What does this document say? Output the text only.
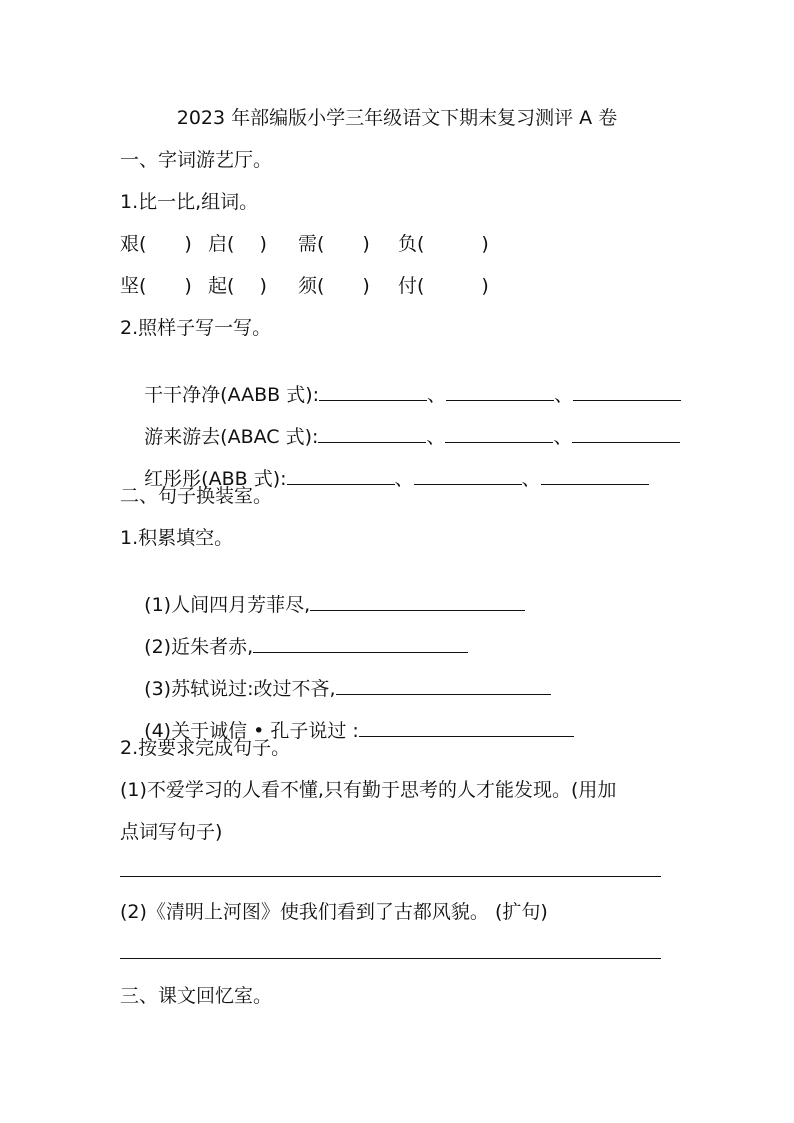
2023 年部编版小学三年级语文下期末复习测评 A 卷
一、字词游艺厅。
1.比一比,组词。
艰(　　) 启(　 ) 需(　　) 负(　　　)
坚(　　) 起(　 ) 须(　　) 付(　　　)
2.照样子写一写。

干干净净(AABB 式):	、	、

游来游去(ABAC 式):	、	、

红彤彤(ABB 式):	、	、

二、句子换装室。
1.积累填空。

(1)人间四月芳菲尽,

(2)近朱者赤,

(3)苏轼说过:改过不吝,

(4)关于诚信 • 孔子说过 :

2.按要求完成句子。
(1)不爱学习的人看不懂,只有勤于思考的人才能发现。(用加
点词写句子)
(2)《清明上河图》使我们看到了古都风貌。 (扩句)
三、课文回忆室。
